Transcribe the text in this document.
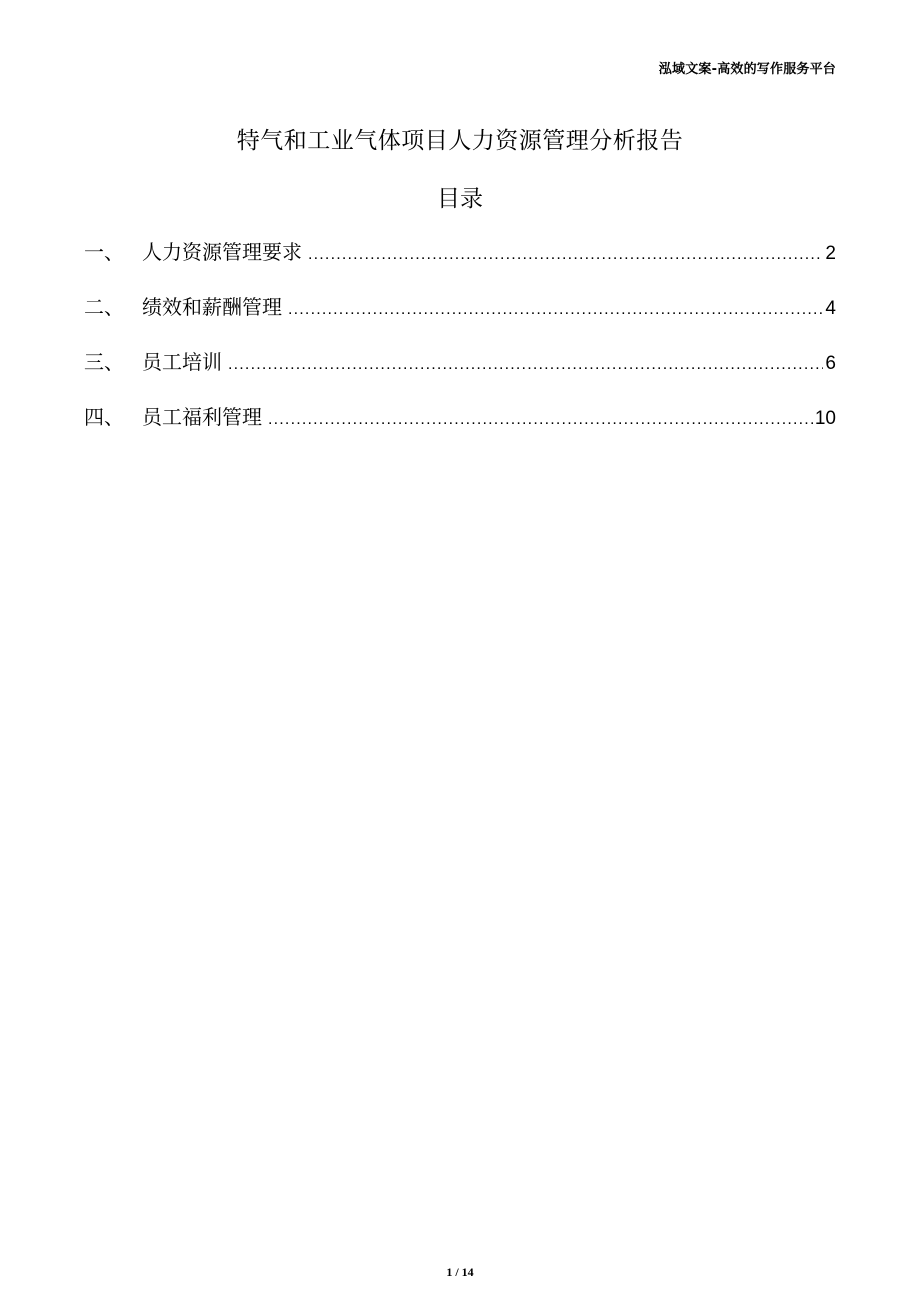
泓域文案-高效的写作服务平台
特气和工业气体项目人力资源管理分析报告
目录
一、 人力资源管理要求 .....	2
二、 绩效和薪酬管理 .....	4
三、 员工培训 .....	6
四、 员工福利管理 .....	10
1 / 14
